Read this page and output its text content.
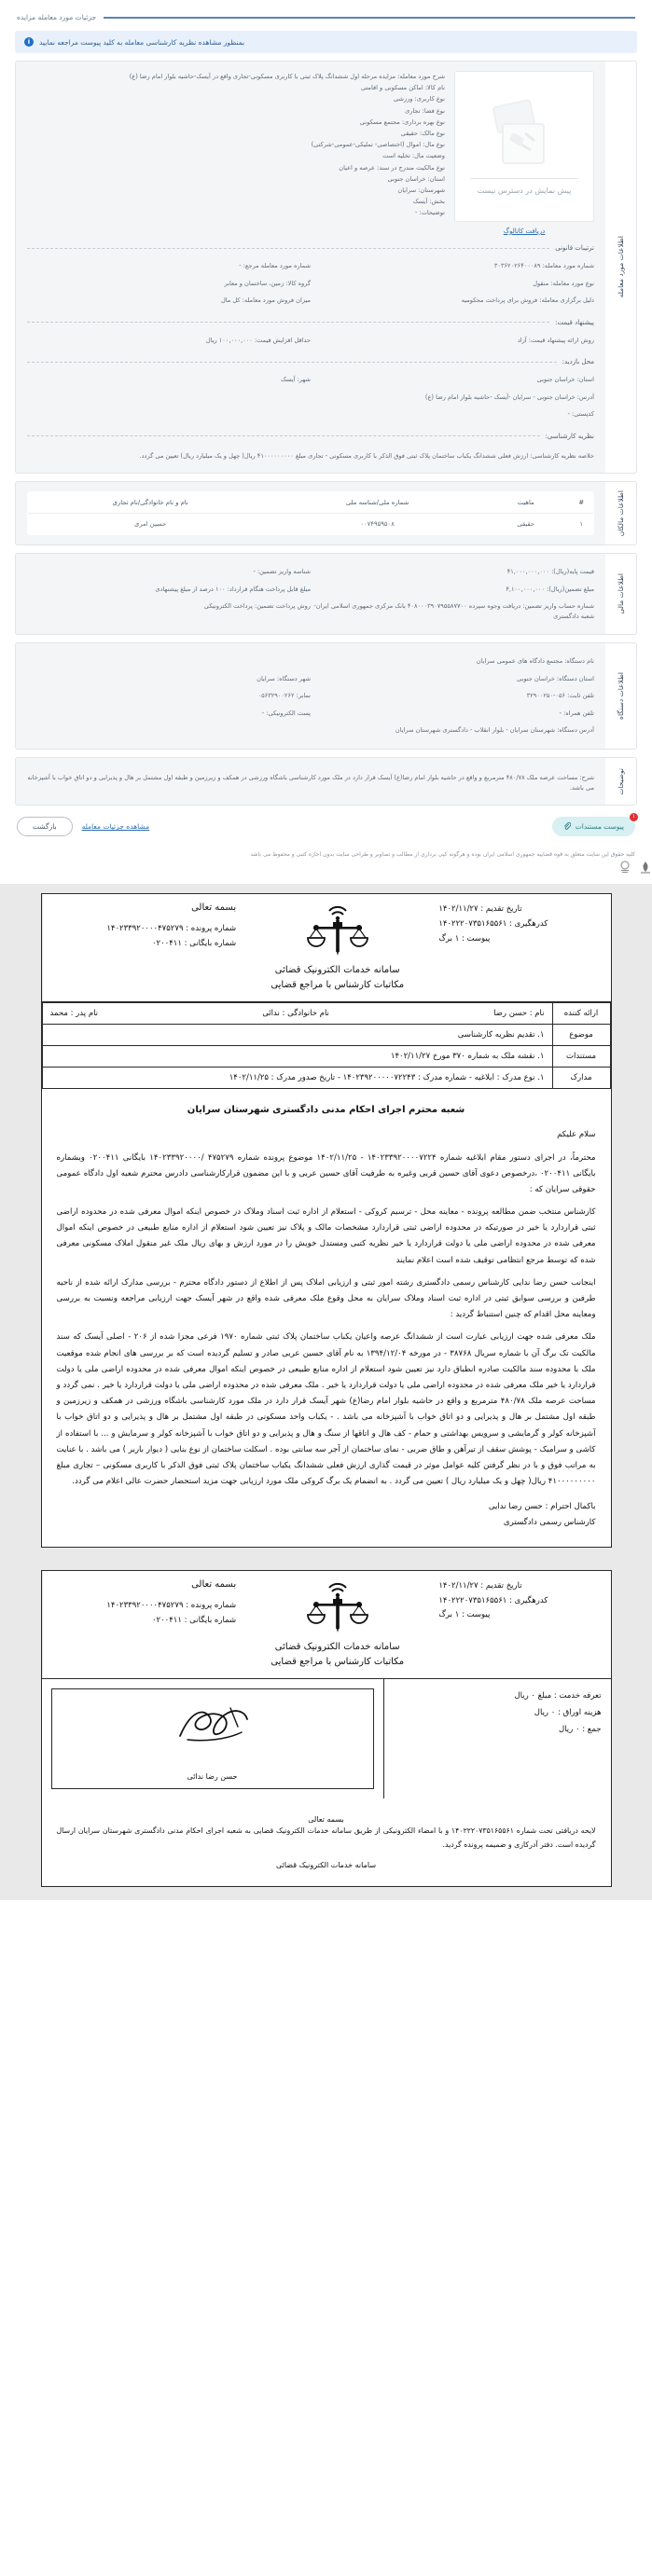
جزئیات مورد معامله مزایده
بمنظور مشاهده نظریه کارشناسی معامله به کلید پیوست مراجعه نمایید
i
اطلاعات مورد معامله
پیش نمایش در دسترس نیست
دریافت کاتالوگ
شرح مورد معامله: مزایده مرحله اول ششدانگ پلاک ثبتی با کاربری مسکونی-تجاری واقع در آیسک-حاشیه بلوار امام رضا (ع)
نام کالا: اماکن مسکونی و اقامتی
نوع کاربری: ورزشی
نوع فضا: تجاری
نوع بهره برداری: مجتمع مسکونی
نوع مالک: حقیقی
نوع مال: اموال (اختصاصی- تملیکی-عمومی-شرکتی)
وضعیت مال: تخلیه است
نوع مالکیت مندرج در سند: عرصه و اعیان
استان: خراسان جنوبی
شهرستان: سرایان
بخش: آیسک
توضیحات: -
ترتیبات قانونی
شماره مورد معامله: ۳۰۳۶۲۰۲۶۴۰۰۰۸۹
شماره مورد معامله مرجع: -
نوع مورد معامله: منقول
گروه کالا: زمین، ساختمان و معابر
دلیل برگزاری معامله: فروش برای پرداخت محکومیه
میزان فروش مورد معامله: کل مال
پیشنهاد قیمت:
روش ارائه پیشنهاد قیمت: آزاد
حداقل افزایش قیمت: ۱۰۰,۰۰۰,۰۰۰ ریال
محل بازدید:
استان: خراسان جنوبی
شهر: آیسک
آدرس: خراسان جنوبی - سرایان -آیسک -حاشیه بلوار امام رضا (ع)
کدپستی: -
نظریه کارشناسی:
خلاصه نظریه کارشناسی: ارزش فعلی ششدانگ یکباب ساختمان پلاک ثبتی فوق الذکر با کاربری مسکونی - تجاری مبلغ ۴۱۰۰۰۰۰۰۰۰۰ ریال( چهل و یک میلیارد ریال) تعیین می گردد.
اطلاعات مالکان
#	ماهیت	شماره ملی/شناسه ملی	نام و نام خانوادگی/نام تجاری
۱	حقیقی	۰۰۷۴۹۵۹۵۰۸	حسین امری
اطلاعات مالی
قیمت پایه(ریال): ۴۱,۰۰۰,۰۰۰,۰۰۰
شناسه واریز تضمین: -
مبلغ تضمین(ریال): ۴,۱۰۰,۰۰۰,۰۰۰
مبلغ قابل پرداخت هنگام قرارداد: ۱۰۰ درصد از مبلغ پیشنهادی
شماره حساب واریز تضمین: دریافت وجوه سپرده ۴۰۸۰۰۰۳۹۰۷۹۵۵۸۷۷۰۰ بانک مرکزی جمهوری اسلامی ایران- شعبه دادگستری
روش پرداخت تضمین: پرداخت الکترونیکی
اطلاعات دستگاه
نام دستگاه: مجتمع دادگاه های عمومی سرایان
استان دستگاه: خراسان جنوبی
شهر دستگاه: سرایان
تلفن ثابت: ۰۵۶-۳۲۹۰۰۲۵۰
نمابر: ۰۵۶۳۲۹۰۰۲۶۲
تلفن همراه: -
پست الکترونیکی: -
آدرس دستگاه: شهرستان سرایان - بلوار انقلاب - دادگستری شهرستان سرایان
توضیحات
شرح: مساحت عرصه ملک ۴۸۰/۷۸ مترمربع و واقع در حاشیه بلوار امام رضا(ع) آیسک قرار دارد در ملک مورد کارشناسی باشگاه ورزشی در همکف و زیرزمین و طبقه اول مشتمل بر هال و پذیرایی و دو اتاق خواب با آشپزخانه می باشد.
۱
پیوست مستندات
مشاهده جزئیات معامله
بازگشت
کلیه حقوق این سایت متعلق به قوه قضاییه جمهوری اسلامی ایران بوده و هرگونه کپی برداری از مطالب و تصاویر و طراحی سایت بدون اجازه کتبی و محفوظ می باشد
تاریخ تقدیم : ۱۴۰۲/۱۱/۲۷
کدرهگیری : ۱۴۰۲۲۲۰۷۳۵۱۶۵۵۶۱
پیوست : ۱ برگ
سامانه خدمات الکترونیک قضائی
مکاتبات کارشناس با مراجع قضایی
بسمه تعالی
شماره پرونده : ۱۴۰۲۳۳۹۲۰۰۰۰۴۷۵۲۷۹
شماره بایگانی : ۰۲۰۰۴۱۱
ارائه کننده	نام : حسن رضا
نام خانوادگی : ندائی
نام پدر : محمد

موضوع	۱. تقدیم نظریه کارشناسی
مستندات	۱. نقشه ملک به شماره ۳۷۰ مورخ ۱۴۰۲/۱۱/۲۷
مدارک	۱. نوع مدرک : ابلاغیه - شماره مدرک : ۱۴۰۲۳۹۲۰۰۰۰۰۷۲۲۴۳ - تاریخ صدور مدرک : ۱۴۰۲/۱۱/۲۵
شعبه محترم اجرای احکام مدنی دادگستری شهرستان سرایان
سلام علیکم
محترماً، در اجرای دستور مقام ابلاغیه شماره ۱۴۰۲۳۳۹۲۰۰۰۰۷۲۲۴ - ۱۴۰۲/۱۱/۲۵ موضوع پرونده شماره ۴۷۵۲۷۹ /۱۴۰۲۳۳۹۲۰۰۰۰ بایگانی ۰۲۰۰۴۱۱ وبشماره بایگانی ۰۲۰۰۴۱۱ ،درخصوص دعوی آقای حسین قربی وغیره به طرفیت آقای حسین عربی و با این مضمون قرارکارشناسی دادرس محترم شعبه اول دادگاه عمومی حقوقی سرایان که :
کارشناس منتخب ضمن مطالعه پرونده - معاینه محل - ترسیم کروکی - استعلام از اداره ثبت اسناد وملاک در خصوص اینکه اموال معرفی شده در محدوده اراضی ثبتی قراردارد یا خیر در صورتیکه در محدوده اراضی ثبتی قراردارد مشخصات مالک و پلاک نیز تعیین شود استعلام از اداره منابع طبیعی در خصوص اینکه اموال معرفی شده در محدوده اراضی ملی یا دولت قراردارد یا خیر نظریه کتبی ومستدل خویش را در مورد ارزش و بهای ریال ملک غیر منقول املاک مسکونی معرفی شده که توسط مرجع انتظامی توقیف شده است اعلام نمایند
اینجانب حسن رضا ندایی کارشناس رسمی دادگستری رشته امور ثبتی و ارزیابی املاک پس از اطلاع از دستور دادگاه محترم - بررسی مدارک ارائه شده از ناحیه طرفین و بررسی سوابق ثبتی در اداره ثبت اسناد وملاک سرایان به محل وقوع ملک معرفی شده واقع در شهر آیسک جهت ارزیابی مراجعه ونسبت به بررسی ومعاینه محل اقدام که چنین استنباط گردید :
ملک معرفی شده جهت ارزیابی عبارت است از ششدانگ عرصه واعیان یکباب ساختمان پلاک ثبتی شماره ۱۹۷۰ فرعی مجزا شده از ۲۰۶ - اصلی آیسک که سند مالکیت تک برگ آن با شماره سریال ۳۸۷۶۸ - در مورخه ۱۳۹۴/۱۲/۰۴ به نام آقای حسین عربی صادر و تسلیم گردیده است که بر بررسی های انجام شده موقعیت ملک با محدوده سند مالکیت صادره انطباق دارد نیز تعیین شود استعلام از اداره منابع طبیعی در خصوص اینکه اموال معرفی شده در محدوده اراضی ملی یا دولت قراردارد یا خیر ملک معرفی شده در محدوده اراضی ملی یا دولت قراردارد یا خیر . ملک معرفی شده در محدوده اراضی ملی یا دولت قراردارد یا خیر . نمی گردد و مساحت عرصه ملک ۴۸۰/۷۸ مترمربع و واقع در حاشیه بلوار امام رضا(ع) شهر آیسک قرار دارد در ملک مورد کارشناسی باشگاه ورزشی در همکف و زیرزمین و طبقه اول مشتمل بر هال و پذیرایی و دو اتاق خواب با آشپزخانه می باشد . - یکباب واحد مسکونی در طبقه اول مشتمل بر هال و پذیرایی و دو اتاق خواب با آشپزخانه کولر و گرمایشی و سرویس بهداشتی و حمام - کف هال و اتاقها از سنگ و هال و پذیرایی و دو اتاق خواب با آشپزخانه کولر و سرمایش و ... با استفاده از کاشی و سرامیک - پوشش سقف از تیرآهن و طاق ضربی - نمای ساختمان از آجر سه سانتی بوده . اسکلت ساختمان از نوع بنایی ( دیوار باربر ) می باشد . با عنایت به مراتب فوق و با در نظر گرفتن کلیه عوامل موثر در قیمت گذاری ارزش فعلی ششدانگ یکباب ساختمان پلاک ثبتی فوق الذکر با کاربری مسکونی – تجاری مبلغ ۴۱۰۰۰۰۰۰۰۰۰ ریال( چهل و یک میلیارد ریال ) تعیین می گردد . به انضمام یک برگ کروکی ملک مورد ارزیابی جهت مزید استحضار حضرت عالی اعلام می گردد.
باکمال احترام : حسن رضا ندایی
کارشناس رسمی دادگستری
تاریخ تقدیم : ۱۴۰۲/۱۱/۲۷
کدرهگیری : ۱۴۰۲۲۲۰۷۳۵۱۶۵۵۶۱
پیوست : ۱ برگ
سامانه خدمات الکترونیک قضائی
مکاتبات کارشناس با مراجع قضایی
بسمه تعالی
شماره پرونده : ۱۴۰۲۳۳۹۲۰۰۰۰۴۷۵۲۷۹
شماره بایگانی : ۰۲۰۰۴۱۱
تعرفه خدمت : مبلغ ۰ ریال
هزینه اوراق : ۰ ریال
جمع : ۰ ریال
حسن رضا ندائی
بسمه تعالی
لایحه دریافتی تحت شماره ۱۴۰۲۲۲۰۷۳۵۱۶۵۵۶۱ و با امضاء الکترونیکی از طریق سامانه خدمات الکترونیک قضایی به شعبه اجرای احکام مدنی دادگستری شهرستان سرایان ارسال گردیده است. دفتر آدرکازی و ضمیمه پرونده گردید.
سامانه خدمات الکترونیک قضائی
